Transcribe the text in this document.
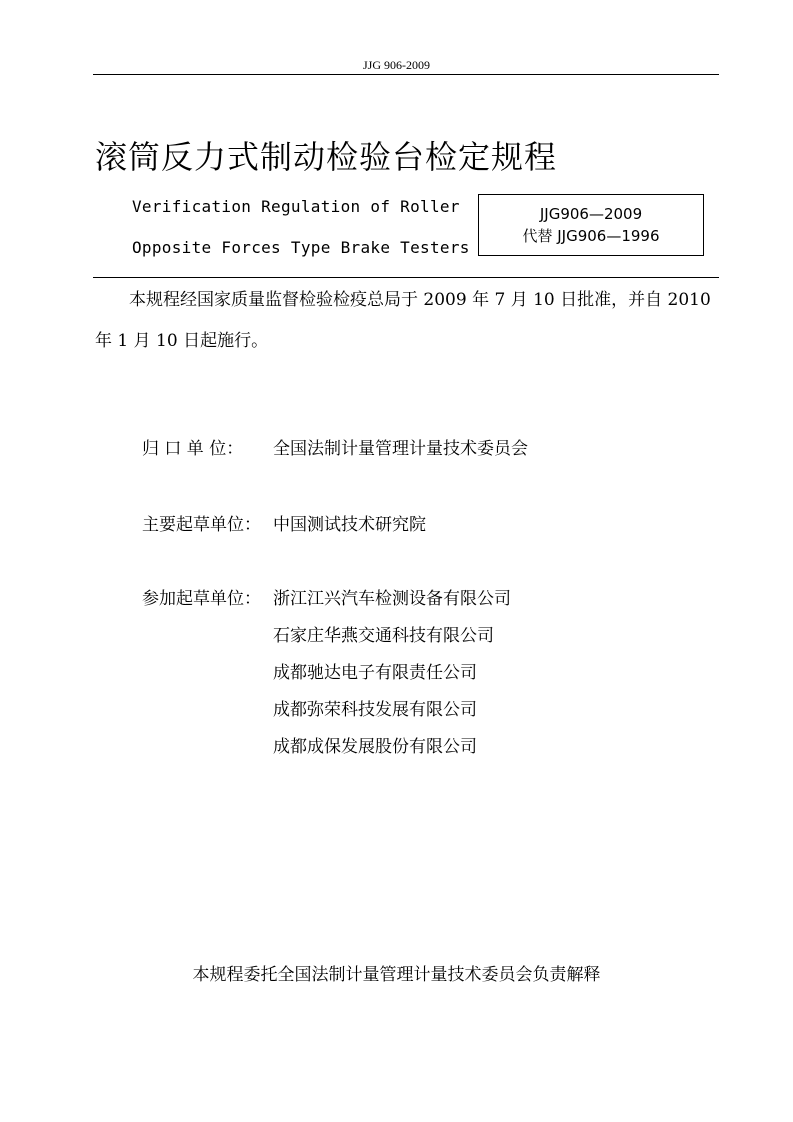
JJG 906-2009
滚筒反力式制动检验台检定规程
Verification Regulation of Roller
Opposite Forces Type Brake Testers
JJG906—2009
代替 JJG906—1996
本规程经国家质量监督检验检疫总局于 2009 年 7 月 10 日批准，并自 2010
年 1 月 10 日起施行。
归 口 单 位： 全国法制计量管理计量技术委员会
主要起草单位： 中国测试技术研究院
参加起草单位： 浙江江兴汽车检测设备有限公司
石家庄华燕交通科技有限公司
成都驰达电子有限责任公司
成都弥荣科技发展有限公司
成都成保发展股份有限公司
本规程委托全国法制计量管理计量技术委员会负责解释
